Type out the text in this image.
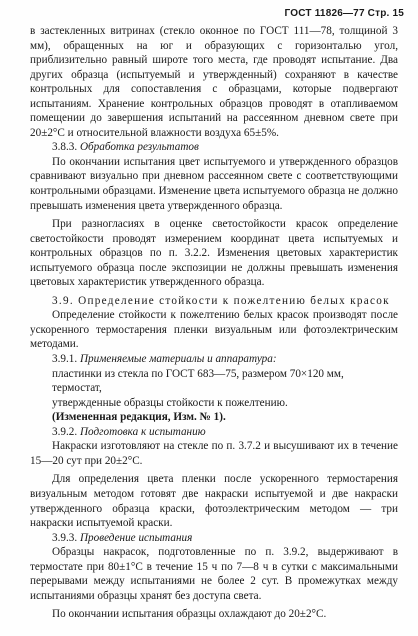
ГОСТ 11826—77 Стр. 15

в застекленных витринах (стекло оконное по ГОСТ 111—78, толщиной 3 мм), обращенных на юг и образующих с горизонталью угол, приблизительно равный широте того места, где проводят испытание. Два других образца (испытуемый и утвержденный) сохраняют в качестве контрольных для сопоставления с образцами, которые подвергают испытаниям. Хранение контрольных образцов проводят в отапливаемом помещении до завершения испытаний на рассеянном дневном свете при 20±2°С и относительной влажности воздуха 65±5%.

3.8.3. Обработка результатов

По окончании испытания цвет испытуемого и утвержденного образцов сравнивают визуально при дневном рассеянном свете с соответствующими контрольными образцами. Изменение цвета испытуемого образца не должно превышать изменения цвета утвержденного образца.

При разногласиях в оценке светостойкости красок определение светостойкости проводят измерением координат цвета испытуемых и контрольных образцов по п. 3.2.2. Изменения цветовых характеристик испытуемого образца после экспозиции не должны превышать изменения цветовых характеристик утвержденного образца.

3.9. Определение стойкости к пожелтению белых красок

Определение стойкости к пожелтению белых красок производят после ускоренного термостарения пленки визуальным или фотоэлектрическим методами.

3.9.1. Применяемые материалы и аппаратура:

пластинки из стекла по ГОСТ 683—75, размером 70×120 мм,

термостат,

утвержденные образцы стойкости к пожелтению.

(Измененная редакция, Изм. № 1).

3.9.2. Подготовка к испытанию

Накраски изготовляют на стекле по п. 3.7.2 и высушивают их в течение 15—20 сут при 20±2°С.

Для определения цвета пленки после ускоренного термостарения визуальным методом готовят две накраски испытуемой и две накраски утвержденного образца краски, фотоэлектрическим методом — три накраски испытуемой краски.

3.9.3. Проведение испытания

Образцы накрасок, подготовленные по п. 3.9.2, выдерживают в термостате при 80±1°С в течение 15 ч по 7—8 ч в сутки с максимальными перерывами между испытаниями не более 2 сут. В промежутках между испытаниями образцы хранят без доступа света.

По окончании испытания образцы охлаждают до 20±2°С.
